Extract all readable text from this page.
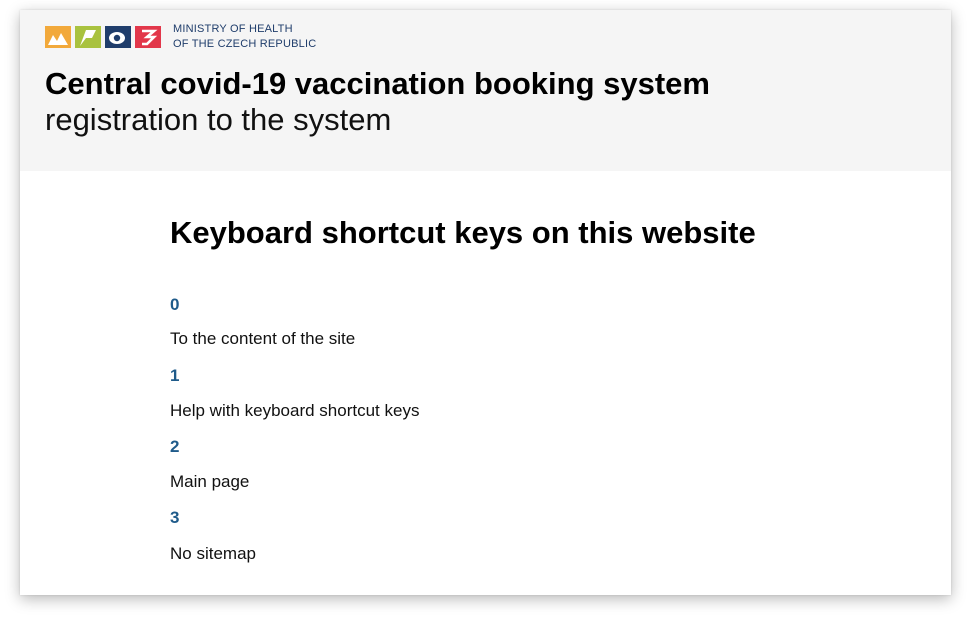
MINISTRY OF HEALTH
OF THE CZECH REPUBLIC
Central covid-19 vaccination booking system
registration to the system
Keyboard shortcut keys on this website
0
To the content of the site
1
Help with keyboard shortcut keys
2
Main page
3
No sitemap
